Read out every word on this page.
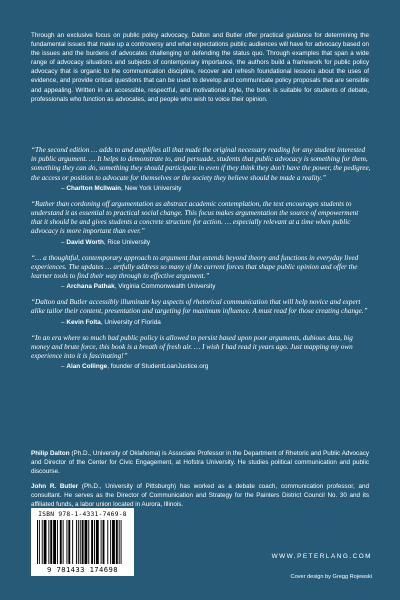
Through an exclusive focus on public policy advocacy, Dalton and Butler offer practical guidance for determining the fundamental issues that make up a controversy and what expectations public audiences will have for advocacy based on the issues and the burdens of advocates challenging or defending the status quo. Through examples that span a wide range of advocacy situations and subjects of contemporary importance, the authors build a framework for public policy advocacy that is organic to the communication discipline, recover and refresh foundational lessons about the uses of evidence, and provide critical questions that can be used to develop and communicate policy proposals that are sensible and appealing. Written in an accessible, respectful, and motivational style, the book is suitable for students of debate, professionals who function as advocates, and people who wish to voice their opinion.

“The second edition … adds to and amplifies all that made the original necessary reading for any student interested in public argument. … It helps to demonstrate to, and persuade, students that public advocacy is something for them, something they can do, something they should participate in even if they think they don’t have the power, the pedigree, the access or position to advocate for themselves or the society they believe should be made a reality.”

– Charlton McIlwain, New York University

“Rather than cordoning off argumentation as abstract academic contemplation, the text encourages students to understand it as essential to practical social change. This focus makes argumentation the source of empowerment that it should be and gives students a concrete structure for action. … especially relevant at a time when public advocacy is more important than ever.”

– David Worth, Rice University

“… a thoughtful, contemporary approach to argument that extends beyond theory and functions in everyday lived experiences. The updates … artfully address so many of the current forces that shape public opinion and offer the learner tools to find their way through to effective argument.”

– Archana Pathak, Virginia Commonwealth University

“Dalton and Butler accessibly illuminate key aspects of rhetorical communication that will help novice and expert alike tailor their content, presentation and targeting for maximum influence. A must read for those creating change.”

– Kevin Folta, University of Florida

“In an era where so much bad public policy is allowed to persist based upon poor arguments, dubious data, big money and brute force, this book is a breath of fresh air. … I wish I had read it years ago. Just mapping my own experience into it is fascinating!”

– Alan Collinge, founder of StudentLoanJustice.org

Philip Dalton (Ph.D., University of Oklahoma) is Associate Professor in the Department of Rhetoric and Public Advocacy and Director of the Center for Civic Engagement, at Hofstra University. He studies political communication and public discourse.

John R. Butler (Ph.D., University of Pittsburgh) has worked as a debate coach, communication professor, and consultant. He serves as the Director of Communication and Strategy for the Painters District Council No. 30 and its affiliated funds, a labor union located in Aurora, Illinois.

ISBN 978-1-4331-7469-8
9 781433 174698
WWW.PETERLANG.COM
Cover design by Gregg Rojewski
